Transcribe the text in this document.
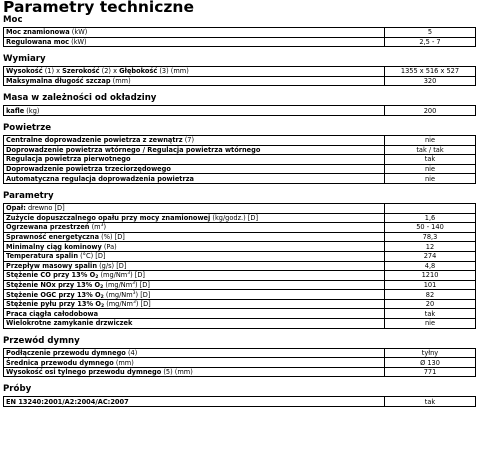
Parametry techniczne
Moc
Moc znamionowa (kW)	5
Regulowana moc (kW)	2,5 - 7
Wymiary
Wysokość (1) x Szerokość (2) x Głębokość (3) (mm)	1355 x 516 x 527
Maksymalna długość szczap (mm)	320
Masa w zależności od okładziny
kafle (kg)	200
Powietrze
Centralne doprowadzenie powietrza z zewnątrz (7)	nie
Doprowadzenie powietrza wtórnego / Regulacja powietrza wtórnego	tak / tak
Regulacja powietrza pierwotnego	tak
Doprowadzenie powietrza trzeciorzędowego	nie
Automatyczna regulacja doprowadzenia powietrza	nie
Parametry
Opał: drewno [D]	
Zużycie dopuszczalnego opału przy mocy znamionowej (kg/godz.) [D]	1,6
Ogrzewana przestrzeń $(m^3)$	50 - 140
Sprawność energetyczna (%) [D]	78,3
Minimalny ciąg kominowy (Pa)	12
Temperatura spalin (°C) [D]	274
Przepływ masowy spalin (g/s) [D]	4,8
Stężenie CO przy 13% $O_2$ (mg/Nm$^3$) [D]	1210
Stężenie NOx przy 13% $O_2$ (mg/Nm$^3$) [D]	101
Stężenie OGC przy 13% $O_2$ (mg/Nm$^3$) [D]	82
Stężenie pyłu przy 13% $O_2$ (mg/Nm$^3$) [D]	20
Praca ciągła całodobowa	tak
Wielokrotne zamykanie drzwiczek	nie
Przewód dymny
Podłączenie przewodu dymnego (4)	tyłny
Średnica przewodu dymnego (mm)	Ø 130
Wysokość osi tylnego przewodu dymnego (5) (mm)	771
Próby
EN 13240:2001/A2:2004/AC:2007	tak
